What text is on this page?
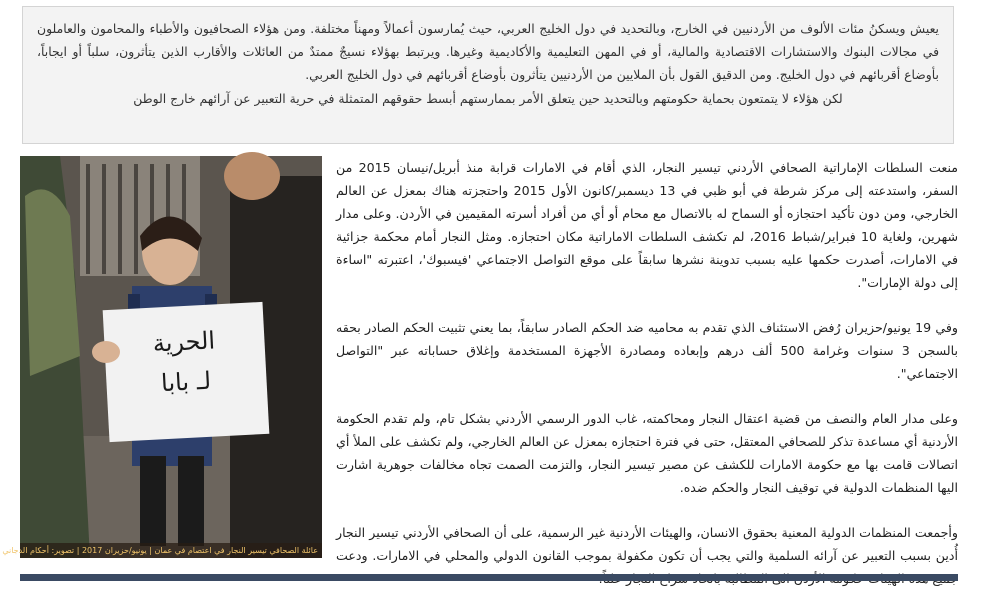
يعيش ويسكنُ مئات الألوف من الأردنيين في الخارج، وبالتحديد في دول الخليج العربي، حيث يُمارسون أعمالاً ومهناً مختلفة. ومن هؤلاء الصحافيون والأطباء والمحامون والعاملون في مجالات البنوك والاستشارات الاقتصادية والمالية، أو في المهن التعليمية والأكاديمية وغيرها. ويرتبط بهؤلاء نسيجٌ ممتدٌ من العائلات والأقارب الذين يتأثرون، سلباً أو ايجاباً، بأوضاع أقربائهم في دول الخليج. ومن الدقيق القول بأن الملايين من الأردنيين يتأثرون بأوضاع أقربائهم في دول الخليج العربي.

لكن هؤلاء لا يتمتعون بحماية حكومتهم وبالتحديد حين يتعلق الأمر بممارستهم أبسط حقوقهم المتمثلة في حرية التعبير عن آرائهم خارج الوطن

الحرية
لـ بابا
عائلة الصحافي تيسير النجار في اعتصام في عمان | يونيو/حزيران 2017 | تصوير: أحكام الدجاني

منعت السلطات الإماراتية الصحافي الأردني تيسير النجار، الذي أقام في الامارات قرابة منذ أبريل/نيسان 2015 من السفر، واستدعته إلى مركز شرطة في أبو ظبي في 13 ديسمبر/كانون الأول 2015 واحتجزته هناك بمعزل عن العالم الخارجي، ومن دون تأكيد احتجازه أو السماح له بالاتصال مع محام أو أي من أفراد أسرته المقيمين في الأردن. وعلى مدار شهرين، ولغاية 10 فبراير/شباط 2016، لم تكشف السلطات الاماراتية مكان احتجازه. ومثل النجار أمام محكمة جزائية في الامارات، أصدرت حكمها عليه بسبب تدوينة نشرها سابقاً على موقع التواصل الاجتماعي 'فيسبوك'، اعتبرته "اساءة إلى دولة الإمارات".

وفي 19 يونيو/حزيران رُفض الاستئناف الذي تقدم به محاميه ضد الحكم الصادر سابقاً، بما يعني تثبيت الحكم الصادر بحقه بالسجن 3 سنوات وغرامة 500 ألف درهم وإبعاده ومصادرة الأجهزة المستخدمة وإغلاق حساباته عبر "التواصل الاجتماعي".

وعلى مدار العام والنصف من قضية اعتقال النجار ومحاكمته، غاب الدور الرسمي الأردني بشكل تام، ولم تقدم الحكومة الأردنية أي مساعدة تذكر للصحافي المعتقل، حتى في فترة احتجازه بمعزل عن العالم الخارجي، ولم تكشف على الملأ أي اتصالات قامت بها مع حكومة الامارات للكشف عن مصير تيسير النجار، والتزمت الصمت تجاه مخالفات جوهرية اشارت اليها المنظمات الدولية في توقيف النجار والحكم ضده.

وأجمعت المنظمات الدولية المعنية بحقوق الانسان، والهيئات الأردنية غير الرسمية، على أن الصحافي الأردني تيسير النجار أُدين بسبب التعبير عن آرائه السلمية والتي يجب أن تكون مكفولة بموجب القانون الدولي والمحلي في الامارات. ودعت
